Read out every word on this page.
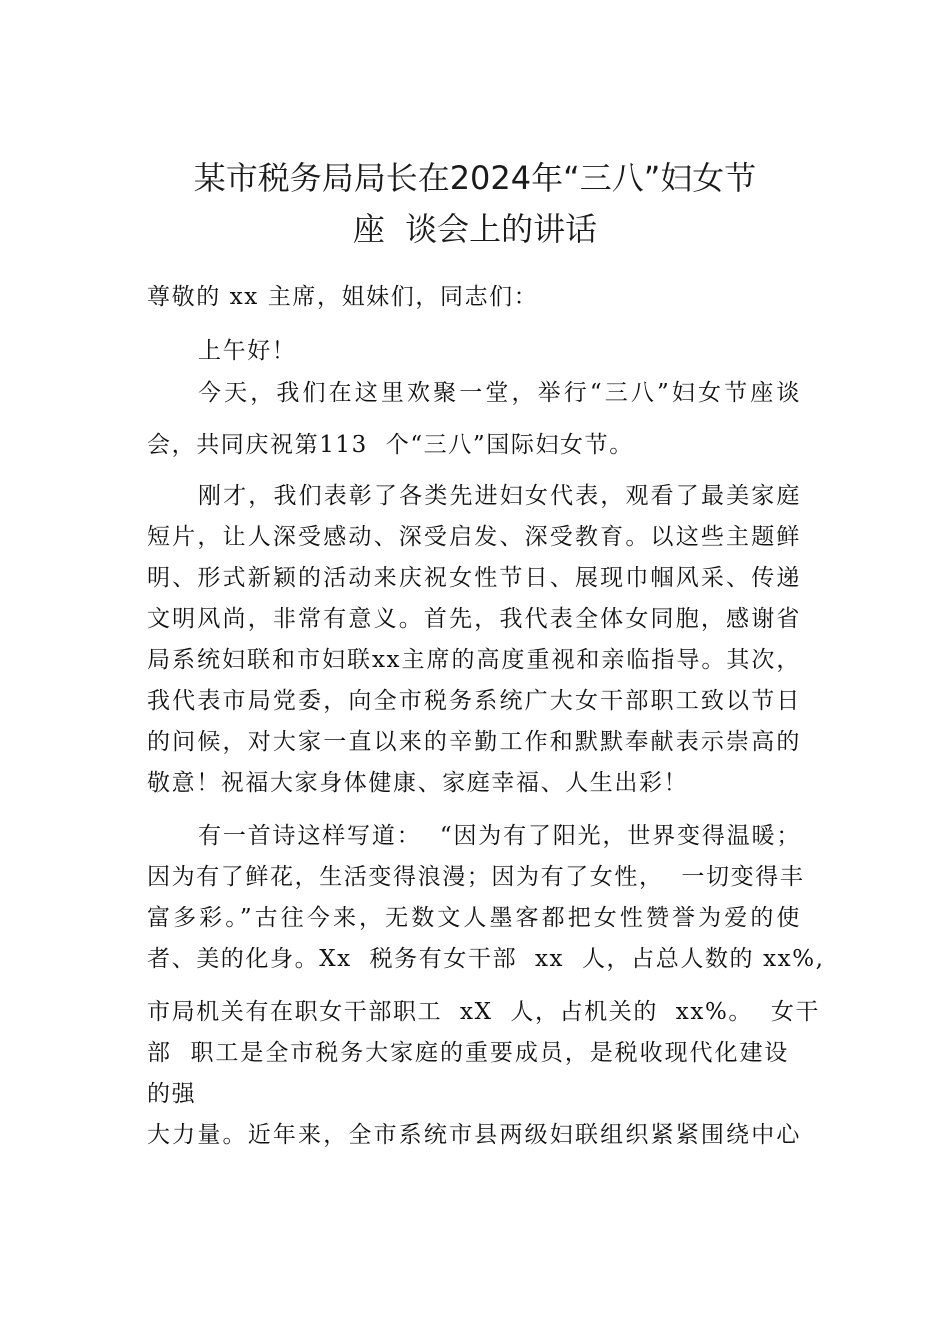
某市税务局局长在2024年“三八”妇女节
座  谈会上的讲话
尊敬的 xx 主席，姐妹们，同志们：
上午好！
今天，我们在这里欢聚一堂，举行“三八”妇女节座谈
会，共同庆祝第113  个“三八”国际妇女节。
刚才，我们表彰了各类先进妇女代表，观看了最美家庭
短片，让人深受感动、深受启发、深受教育。以这些主题鲜
明、形式新颖的活动来庆祝女性节日、展现巾帼风采、传递
文明风尚，非常有意义。首先，我代表全体女同胞，感谢省
局系统妇联和市妇联xx主席的高度重视和亲临指导。其次，
我代表市局党委，向全市税务系统广大女干部职工致以节日
的问候，对大家一直以来的辛勤工作和默默奉献表示崇高的
敬意！祝福大家身体健康、家庭幸福、人生出彩！
有一首诗这样写道：  “因为有了阳光，世界变得温暖；
因为有了鲜花，生活变得浪漫；因为有了女性，  一切变得丰
富多彩。”古往今来，无数文人墨客都把女性赞誉为爱的使
者、美的化身。Xx  税务有女干部  xx  人，占总人数的 xx%,
市局机关有在职女干部职工  xX  人，占机关的  xx%。  女干
部  职工是全市税务大家庭的重要成员，是税收现代化建设
的强
大力量。近年来，全市系统市县两级妇联组织紧紧围绕中心
